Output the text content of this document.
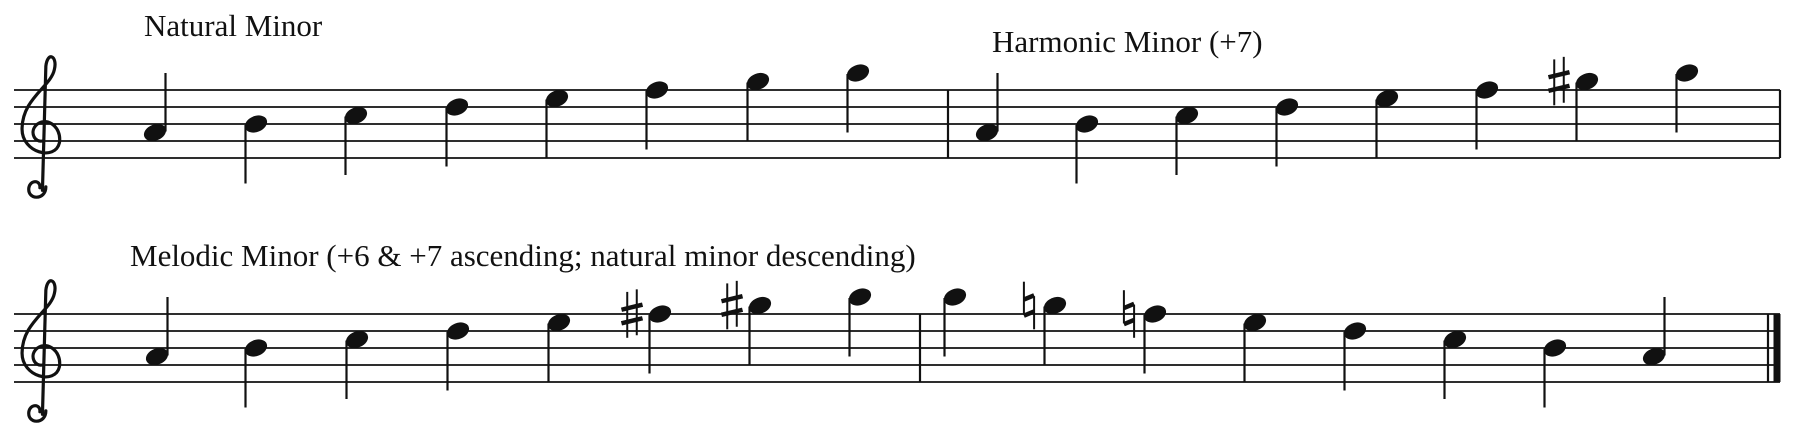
Natural Minor	Harmonic Minor (+7)
Melodic Minor (+6 & +7 ascending; natural minor descending)
